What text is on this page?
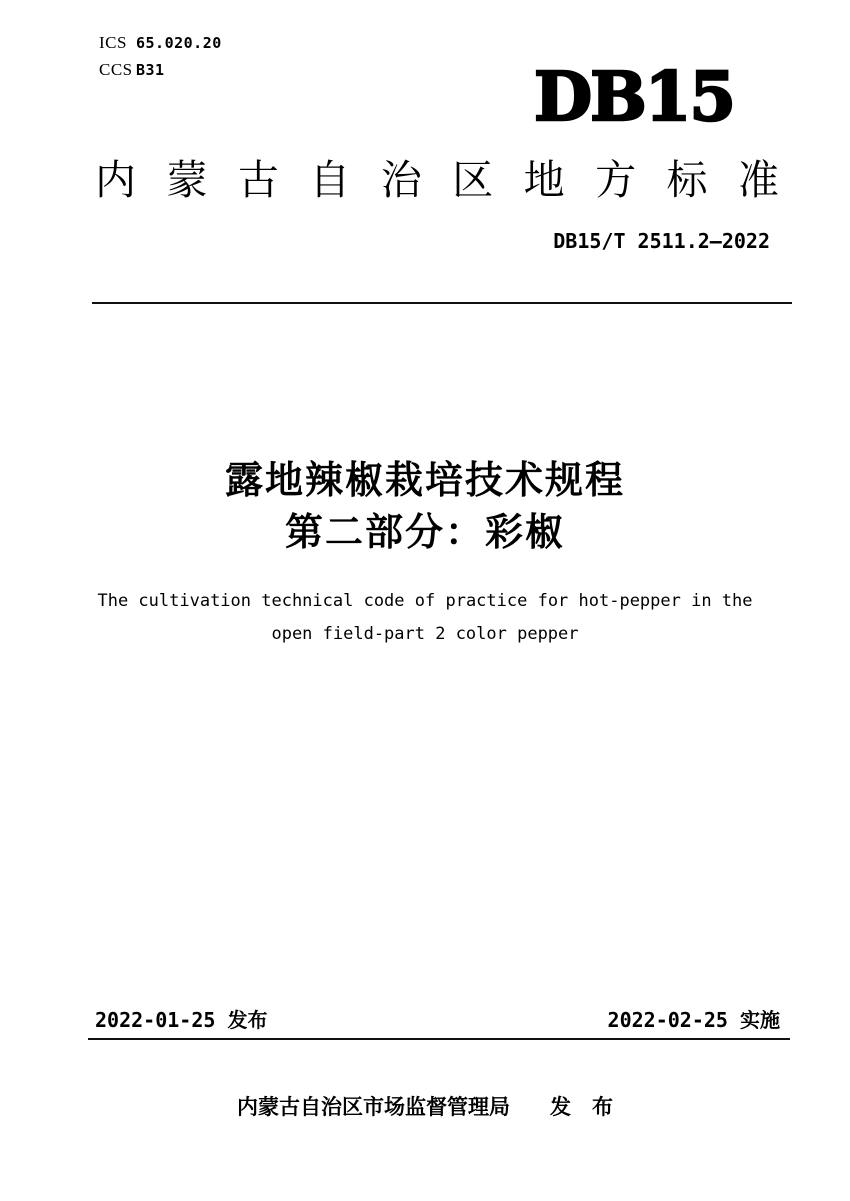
ICS 65.020.20
CCS B31	DB15
内蒙古自治区地方标准
DB15/T 2511.2—2022
露地辣椒栽培技术规程
第二部分：彩椒
The cultivation technical code of practice for hot-pepper in the
open field-part 2 color pepper
2022-01-25 发布	2022-02-25 实施
内蒙古自治区市场监督管理局 发　布
